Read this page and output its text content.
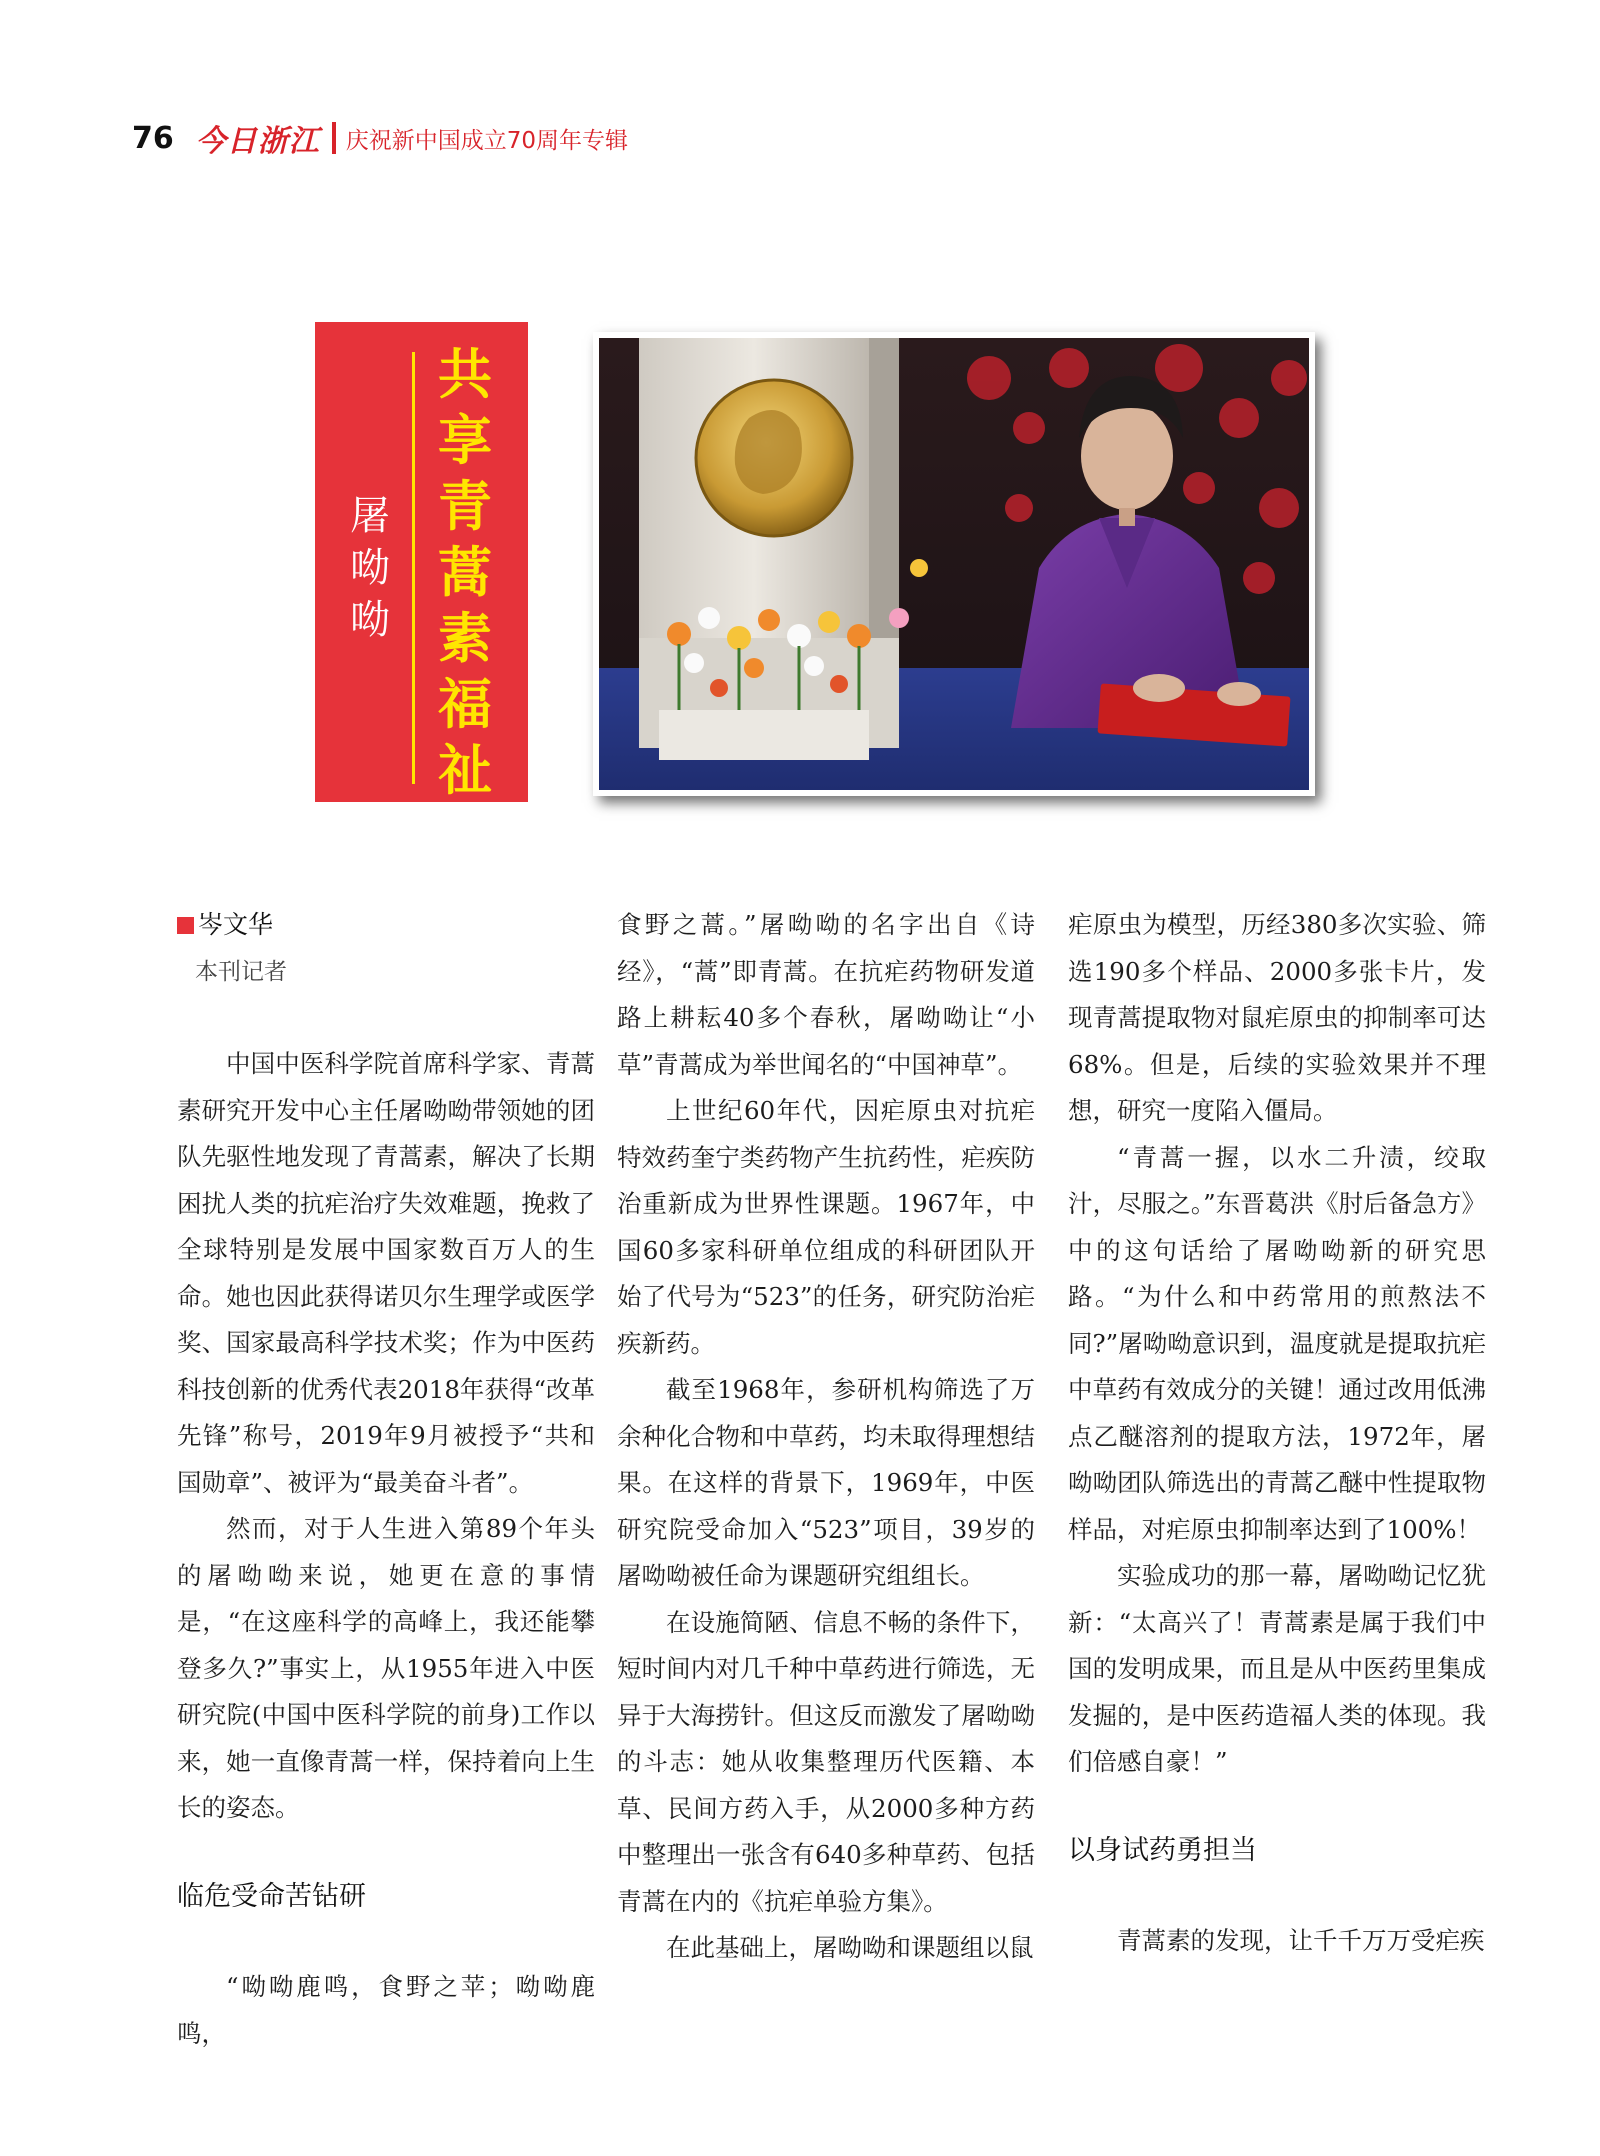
76 今日浙江 庆祝新中国成立70周年专辑
共
享
青
蒿
素
福
祉
屠
呦
呦
岑文华
本刊记者

中国中医科学院首席科学家、青蒿素研究开发中心主任屠呦呦带领她的团队先驱性地发现了青蒿素，解决了长期困扰人类的抗疟治疗失效难题，挽救了全球特别是发展中国家数百万人的生命。她也因此获得诺贝尔生理学或医学奖、国家最高科学技术奖；作为中医药科技创新的优秀代表2018年获得“改革先锋”称号，2019年9月被授予“共和国勋章”、被评为“最美奋斗者”。

然而，对于人生进入第89个年头的屠呦呦来说，她更在意的事情是，“在这座科学的高峰上，我还能攀登多久?”事实上，从1955年进入中医研究院(中国中医科学院的前身)工作以来，她一直像青蒿一样，保持着向上生长的姿态。

临危受命苦钻研

“呦呦鹿鸣，食野之苹；呦呦鹿鸣，

食野之蒿。”屠呦呦的名字出自《诗经》，“蒿”即青蒿。在抗疟药物研发道路上耕耘40多个春秋，屠呦呦让“小草”青蒿成为举世闻名的“中国神草”。

上世纪60年代，因疟原虫对抗疟特效药奎宁类药物产生抗药性，疟疾防治重新成为世界性课题。1967年，中国60多家科研单位组成的科研团队开始了代号为“523”的任务，研究防治疟疾新药。

截至1968年，参研机构筛选了万余种化合物和中草药，均未取得理想结果。在这样的背景下，1969年，中医研究院受命加入“523”项目，39岁的屠呦呦被任命为课题研究组组长。

在设施简陋、信息不畅的条件下，短时间内对几千种中草药进行筛选，无异于大海捞针。但这反而激发了屠呦呦的斗志：她从收集整理历代医籍、本草、民间方药入手，从2000多种方药中整理出一张含有640多种草药、包括青蒿在内的《抗疟单验方集》。

在此基础上，屠呦呦和课题组以鼠

疟原虫为模型，历经380多次实验、筛选190多个样品、2000多张卡片，发现青蒿提取物对鼠疟原虫的抑制率可达68%。但是，后续的实验效果并不理想，研究一度陷入僵局。

“青蒿一握，以水二升渍，绞取汁，尽服之。”东晋葛洪《肘后备急方》中的这句话给了屠呦呦新的研究思路。“为什么和中药常用的煎熬法不同?”屠呦呦意识到，温度就是提取抗疟中草药有效成分的关键！通过改用低沸点乙醚溶剂的提取方法，1972年，屠呦呦团队筛选出的青蒿乙醚中性提取物样品，对疟原虫抑制率达到了100%！

实验成功的那一幕，屠呦呦记忆犹新：“太高兴了！青蒿素是属于我们中国的发明成果，而且是从中医药里集成发掘的，是中医药造福人类的体现。我们倍感自豪！”

以身试药勇担当

青蒿素的发现，让千千万万受疟疾
